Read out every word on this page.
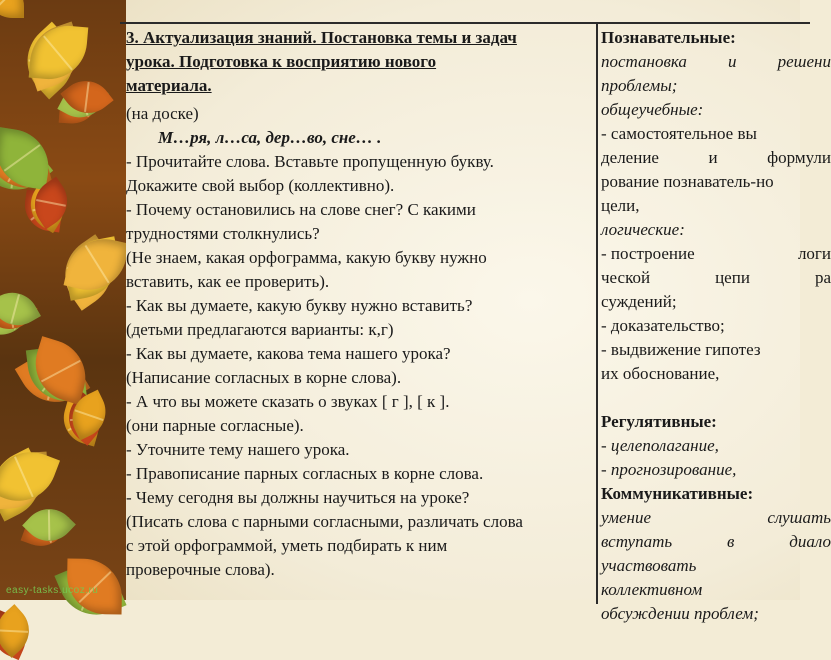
easy-tasks.ucoz.ru
3. Актуализация знаний. Постановка темы и задач
урока. Подготовка к восприятию нового
материала.
(на доске)
М…ря, л…са, дер…во, сне… .
- Прочитайте слова. Вставьте пропущенную букву.
Докажите свой выбор (коллективно).
- Почему остановились на слове снег? С какими
трудностями столкнулись?
(Не знаем, какая орфограмма, какую букву нужно
вставить, как ее проверить).
- Как вы думаете, какую букву нужно вставить?
(детьми предлагаются варианты: к,г)
- Как вы думаете, какова тема нашего урока?
(Написание согласных в корне слова).
- А что вы можете сказать о звуках [ г ], [ к ].
(они парные согласные).
- Уточните тему нашего урока.
- Правописание парных согласных в корне слова.
- Чему сегодня вы должны научиться на уроке?
(Писать слова с парными согласными, различать слова
с этой орфограммой, уметь подбирать к ним
проверочные слова).
Познавательные:
постановка и решени
проблемы;
общеучебные:
- самостоятельное вы
деление	и	формули
рование познаватель-но
цели,
логические:
- построение	логи
ческой	цепи	ра
суждений;
- доказательство;
- выдвижение гипотез
их обоснование,
Регулятивные:
- целеполагание,
- прогнозирование,
Коммуникативные:
умение	слушать
вступать	в	диало
участвовать
коллективном
обсуждении проблем;
